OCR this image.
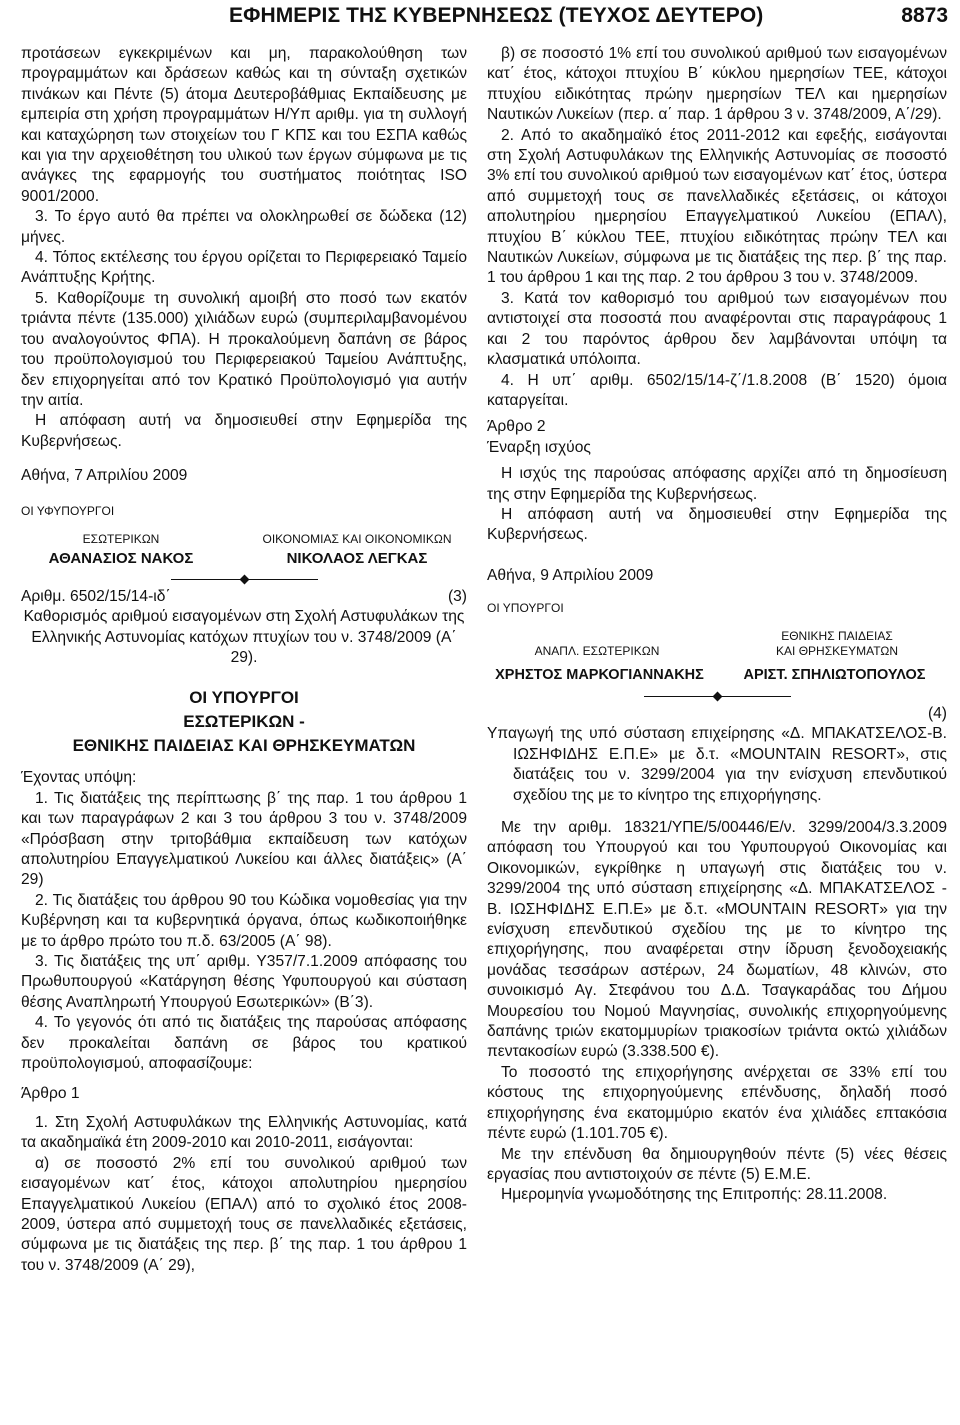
ΕΦΗΜΕΡΙΣ ΤΗΣ ΚΥΒΕΡΝΗΣΕΩΣ (ΤΕΥΧΟΣ ΔΕΥΤΕΡΟ)	8873

προτάσεων εγκεκριμένων και μη, παρακολούθηση των προγραμμάτων και δράσεων καθώς και τη σύνταξη σχετικών πινάκων και Πέντε (5) άτομα Δευτεροβάθμιας Εκπαίδευσης με εμπειρία στη χρήση προγραμμάτων Η/Υπ αριθμ. για τη συλλογή και καταχώρηση των στοιχείων του Γ ΚΠΣ και του ΕΣΠΑ καθώς και για την αρχειοθέτηση του υλικού των έργων σύμφωνα με τις ανάγκες της εφαρμογής του συστήματος ποιότητας ISO 9001/2000.

3. Το έργο αυτό θα πρέπει να ολοκληρωθεί σε δώδεκα (12) μήνες.

4. Τόπος εκτέλεσης του έργου ορίζεται το Περιφερειακό Ταμείο Ανάπτυξης Κρήτης.

5. Καθορίζουμε τη συνολική αμοιβή στο ποσό των εκατόν τριάντα πέντε (135.000) χιλιάδων ευρώ (συμπεριλαμβανομένου του αναλογούντος ΦΠΑ). Η προκαλούμενη δαπάνη σε βάρος του προϋπολογισμού του Περιφερειακού Ταμείου Ανάπτυξης, δεν επιχορηγείται από τον Κρατικό Προϋπολογισμό για αυτήν την αιτία.

Η απόφαση αυτή να δημοσιευθεί στην Εφημερίδα της Κυβερνήσεως.

Αθήνα, 7 Απριλίου 2009

ΟΙ ΥΦΥΠΟΥΡΓΟΙ

ΕΣΩΤΕΡΙΚΩΝ	ΟΙΚΟΝΟΜΙΑΣ ΚΑΙ ΟΙΚΟΝΟΜΙΚΩΝ
ΑΘΑΝΑΣΙΟΣ ΝΑΚΟΣ	ΝΙΚΟΛΑΟΣ ΛΕΓΚΑΣ
Αριθμ. 6502/15/14-ιδ΄	(3)

Καθορισμός αριθμού εισαγομένων στη Σχολή Αστυφυλάκων της Ελληνικής Αστυνομίας κατόχων πτυχίων του ν. 3748/2009 (Α΄ 29).

ΟΙ ΥΠΟΥΡΓΟΙ
ΕΣΩΤΕΡΙΚΩΝ -
ΕΘΝΙΚΗΣ ΠΑΙΔΕΙΑΣ ΚΑΙ ΘΡΗΣΚΕΥΜΑΤΩΝ

Έχοντας υπόψη:

1. Τις διατάξεις της περίπτωσης β΄ της παρ. 1 του άρθρου 1 και των παραγράφων 2 και 3 του άρθρου 3 του ν. 3748/2009 «Πρόσβαση στην τριτοβάθμια εκπαίδευση των κατόχων απολυτηρίου Επαγγελματικού Λυκείου και άλλες διατάξεις» (Α΄ 29)

2. Τις διατάξεις του άρθρου 90 του Κώδικα νομοθεσίας για την Κυβέρνηση και τα κυβερνητικά όργανα, όπως κωδικοποιήθηκε με το άρθρο πρώτο του π.δ. 63/2005 (Α΄ 98).

3. Τις διατάξεις της υπ΄ αριθμ. Υ357/7.1.2009 απόφασης του Πρωθυπουργού «Κατάργηση θέσης Υφυπουργού και σύσταση θέσης Αναπληρωτή Υπουργού Εσωτερικών» (Β΄3).

4. Το γεγονός ότι από τις διατάξεις της παρούσας απόφασης δεν προκαλείται δαπάνη σε βάρος του κρατικού προϋπολογισμού, αποφασίζουμε:

Άρθρο 1

1. Στη Σχολή Αστυφυλάκων της Ελληνικής Αστυνομίας, κατά τα ακαδημαϊκά έτη 2009-2010 και 2010-2011, εισάγονται:

α) σε ποσοστό 2% επί του συνολικού αριθμού των εισαγομένων κατ΄ έτος, κάτοχοι απολυτηρίου ημερησίου Επαγγελματικού Λυκείου (ΕΠΑΛ) από το σχολικό έτος 2008-2009, ύστερα από συμμετοχή τους σε πανελλαδικές εξετάσεις, σύμφωνα με τις διατάξεις της περ. β΄ της παρ. 1 του άρθρου 1 του ν. 3748/2009 (Α΄ 29),

β) σε ποσοστό 1% επί του συνολικού αριθμού των εισαγομένων κατ΄ έτος, κάτοχοι πτυχίου Β΄ κύκλου ημερησίων ΤΕΕ, κάτοχοι πτυχίου ειδικότητας πρώην ημερησίων ΤΕΛ και ημερησίων Ναυτικών Λυκείων (περ. α΄ παρ. 1 άρθρου 3 ν. 3748/2009, Α΄/29).

2. Από το ακαδημαϊκό έτος 2011-2012 και εφεξής, εισάγονται στη Σχολή Αστυφυλάκων της Ελληνικής Αστυνομίας σε ποσοστό 3% επί του συνολικού αριθμού των εισαγομένων κατ΄ έτος, ύστερα από συμμετοχή τους σε πανελλαδικές εξετάσεις, οι κάτοχοι απολυτηρίου ημερησίου Επαγγελματικού Λυκείου (ΕΠΑΛ), πτυχίου Β΄ κύκλου ΤΕΕ, πτυχίου ειδικότητας πρώην ΤΕΛ και Ναυτικών Λυκείων, σύμφωνα με τις διατάξεις της περ. β΄ της παρ. 1 του άρθρου 1 και της παρ. 2 του άρθρου 3 του ν. 3748/2009.

3. Κατά τον καθορισμό του αριθμού των εισαγομένων που αντιστοιχεί στα ποσοστά που αναφέρονται στις παραγράφους 1 και 2 του παρόντος άρθρου δεν λαμβάνονται υπόψη τα κλασματικά υπόλοιπα.

4. Η υπ΄ αριθμ. 6502/15/14-ζ΄/1.8.2008 (Β΄ 1520) όμοια καταργείται.

Άρθρο 2

Έναρξη ισχύος

Η ισχύς της παρούσας απόφασης αρχίζει από τη δημοσίευση της στην Εφημερίδα της Κυβερνήσεως.

Η απόφαση αυτή να δημοσιευθεί στην Εφημερίδα της Κυβερνήσεως.

Αθήνα, 9 Απριλίου 2009

ΟΙ ΥΠΟΥΡΓΟΙ

ΑΝΑΠΛ. ΕΣΩΤΕΡΙΚΩΝ
ΕΘΝΙΚΗΣ ΠΑΙΔΕΙΑΣ
ΚΑΙ ΘΡΗΣΚΕΥΜΑΤΩΝ
ΧΡΗΣΤΟΣ ΜΑΡΚΟΓΙΑΝΝΑΚΗΣ	ΑΡΙΣΤ. ΣΠΗΛΙΩΤΟΠΟΥΛΟΣ

(4)

Υπαγωγή της υπό σύσταση επιχείρησης «Δ. ΜΠΑΚΑΤΣΕΛΟΣ-Β. ΙΩΣΗΦΙΔΗΣ Ε.Π.Ε» με δ.τ. «MOUNTAIN RESORT», στις διατάξεις του ν. 3299/2004 για την ενίσχυση επενδυτικού σχεδίου της με το κίνητρο της επιχορήγησης.

Με την αριθμ. 18321/ΥΠΕ/5/00446/Ε/ν. 3299/2004/3.3.2009 απόφαση του Υπουργού και του Υφυπουργού Οικονομίας και Οικονομικών, εγκρίθηκε η υπαγωγή στις διατάξεις του ν. 3299/2004 της υπό σύσταση επιχείρησης «Δ. ΜΠΑΚΑΤΣΕΛΟΣ - Β. ΙΩΣΗΦΙΔΗΣ Ε.Π.Ε» με δ.τ. «MOUNTAIN RESORT» για την ενίσχυση επενδυτικού σχεδίου της με το κίνητρο της επιχορήγησης, που αναφέρεται στην ίδρυση ξενοδοχειακής μονάδας τεσσάρων αστέρων, 24 δωματίων, 48 κλινών, στο συνοικισμό Αγ. Στεφάνου του Δ.Δ. Τσαγκαράδας του Δήμου Μουρεσίου του Νομού Μαγνησίας, συνολικής επιχορηγούμενης δαπάνης τριών εκατομμυρίων τριακοσίων τριάντα οκτώ χιλιάδων πεντακοσίων ευρώ (3.338.500 €).

Το ποσοστό της επιχορήγησης ανέρχεται σε 33% επί του κόστους της επιχορηγούμενης επένδυσης, δηλαδή ποσό επιχορήγησης ένα εκατομμύριο εκατόν ένα χιλιάδες επτακόσια πέντε ευρώ (1.101.705 €).

Με την επένδυση θα δημιουργηθούν πέντε (5) νέες θέσεις εργασίας που αντιστοιχούν σε πέντε (5) Ε.Μ.Ε.

Ημερομηνία γνωμοδότησης της Επιτροπής: 28.11.2008.
